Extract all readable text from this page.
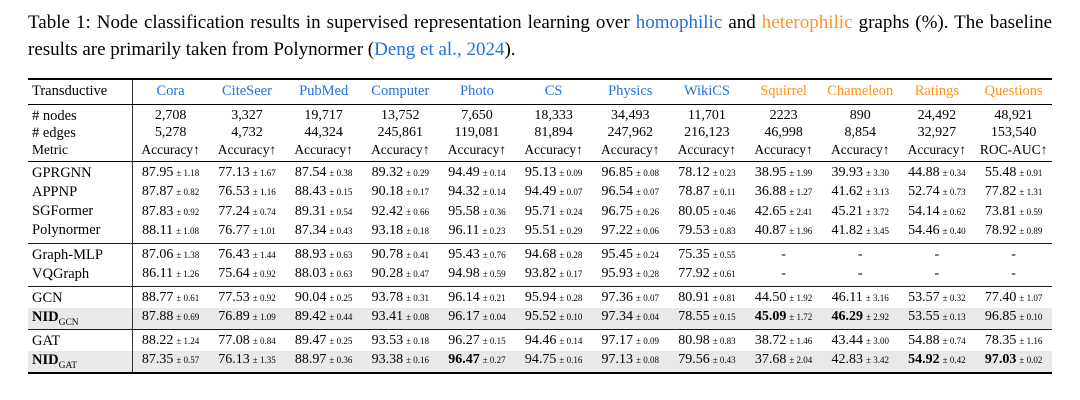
Table 1: Node classification results in supervised representation learning over homophilic and heterophilic graphs (%). The baseline results are primarily taken from Polynormer (Deng et al., 2024).

Transductive	Cora	CiteSeer	PubMed	Computer	Photo	CS	Physics	WikiCS	Squirrel	Chameleon	Ratings	Questions
# nodes	2,708	3,327	19,717	13,752	7,650	18,333	34,493	11,701	2223	890	24,492	48,921
# edges	5,278	4,732	44,324	245,861	119,081	81,894	247,962	216,123	46,998	8,854	32,927	153,540
Metric	Accuracy↑	Accuracy↑	Accuracy↑	Accuracy↑	Accuracy↑	Accuracy↑	Accuracy↑	Accuracy↑	Accuracy↑	Accuracy↑	Accuracy↑	ROC-AUC↑
GPRGNN	87.95 ± 1.18	77.13 ± 1.67	87.54 ± 0.38	89.32 ± 0.29	94.49 ± 0.14	95.13 ± 0.09	96.85 ± 0.08	78.12 ± 0.23	38.95 ± 1.99	39.93 ± 3.30	44.88 ± 0.34	55.48 ± 0.91
APPNP	87.87 ± 0.82	76.53 ± 1.16	88.43 ± 0.15	90.18 ± 0.17	94.32 ± 0.14	94.49 ± 0.07	96.54 ± 0.07	78.87 ± 0.11	36.88 ± 1.27	41.62 ± 3.13	52.74 ± 0.73	77.82 ± 1.31
SGFormer	87.83 ± 0.92	77.24 ± 0.74	89.31 ± 0.54	92.42 ± 0.66	95.58 ± 0.36	95.71 ± 0.24	96.75 ± 0.26	80.05 ± 0.46	42.65 ± 2.41	45.21 ± 3.72	54.14 ± 0.62	73.81 ± 0.59
Polynormer	88.11 ± 1.08	76.77 ± 1.01	87.34 ± 0.43	93.18 ± 0.18	96.11 ± 0.23	95.51 ± 0.29	97.22 ± 0.06	79.53 ± 0.83	40.87 ± 1.96	41.82 ± 3.45	54.46 ± 0.40	78.92 ± 0.89
Graph-MLP	87.06 ± 1.38	76.43 ± 1.44	88.93 ± 0.63	90.78 ± 0.41	95.43 ± 0.76	94.68 ± 0.28	95.45 ± 0.24	75.35 ± 0.55	-	-	-	-
VQGraph	86.11 ± 1.26	75.64 ± 0.92	88.03 ± 0.63	90.28 ± 0.47	94.98 ± 0.59	93.82 ± 0.17	95.93 ± 0.28	77.92 ± 0.61	-	-	-	-
GCN	88.77 ± 0.61	77.53 ± 0.92	90.04 ± 0.25	93.78 ± 0.31	96.14 ± 0.21	95.94 ± 0.28	97.36 ± 0.07	80.91 ± 0.81	44.50 ± 1.92	46.11 ± 3.16	53.57 ± 0.32	77.40 ± 1.07
$NID_{GCN}$	87.88 ± 0.69	76.89 ± 1.09	89.42 ± 0.44	93.41 ± 0.08	96.17 ± 0.04	95.52 ± 0.10	97.34 ± 0.04	78.55 ± 0.15	45.09 ± 1.72	46.29 ± 2.92	53.55 ± 0.13	96.85 ± 0.10
GAT	88.22 ± 1.24	77.08 ± 0.84	89.47 ± 0.25	93.53 ± 0.18	96.27 ± 0.15	94.46 ± 0.14	97.17 ± 0.09	80.98 ± 0.83	38.72 ± 1.46	43.44 ± 3.00	54.88 ± 0.74	78.35 ± 1.16
$NID_{GAT}$	87.35 ± 0.57	76.13 ± 1.35	88.97 ± 0.36	93.38 ± 0.16	96.47 ± 0.27	94.75 ± 0.16	97.13 ± 0.08	79.56 ± 0.43	37.68 ± 2.04	42.83 ± 3.42	54.92 ± 0.42	97.03 ± 0.02
